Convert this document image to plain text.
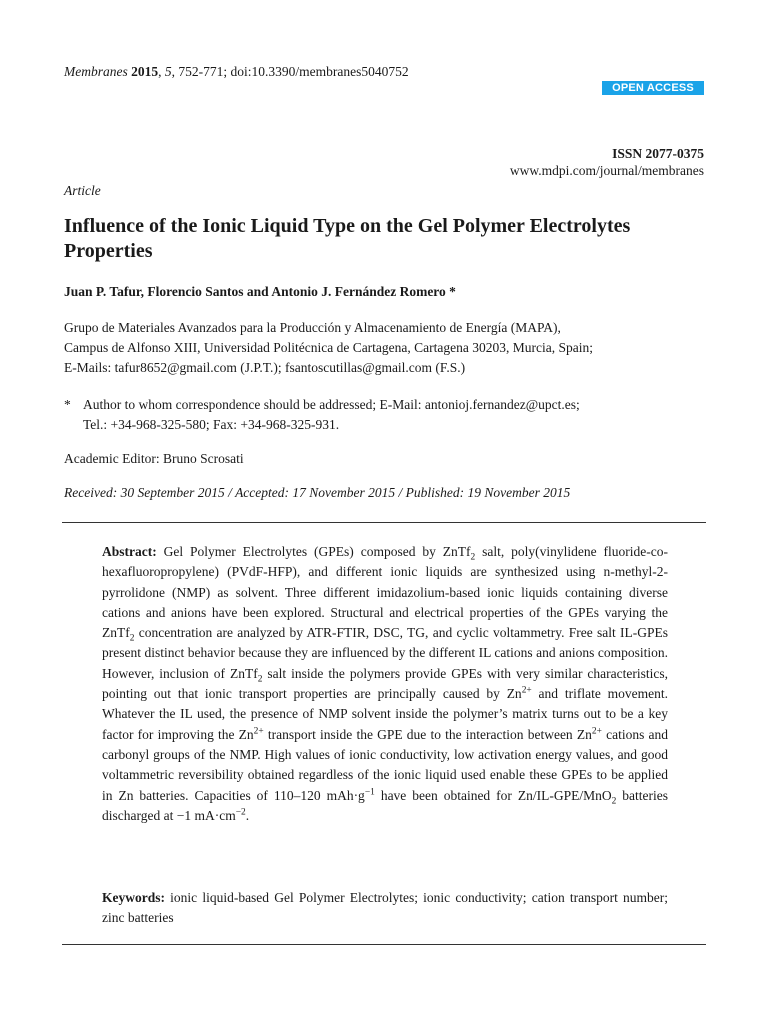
Membranes 2015, 5, 752-771; doi:10.3390/membranes5040752
OPEN ACCESS
ISSN 2077-0375
www.mdpi.com/journal/membranes
Article
Influence of the Ionic Liquid Type on the Gel Polymer Electrolytes Properties
Juan P. Tafur, Florencio Santos and Antonio J. Fernández Romero *
Grupo de Materiales Avanzados para la Producción y Almacenamiento de Energía (MAPA),
Campus de Alfonso XIII, Universidad Politécnica de Cartagena, Cartagena 30203, Murcia, Spain;
E-Mails: tafur8652@gmail.com (J.P.T.); fsantoscutillas@gmail.com (F.S.)
* Author to whom correspondence should be addressed; E-Mail: antonioj.fernandez@upct.es;
Tel.: +34-968-325-580; Fax: +34-968-325-931.
Academic Editor: Bruno Scrosati
Received: 30 September 2015 / Accepted: 17 November 2015 / Published: 19 November 2015
Abstract: Gel Polymer Electrolytes (GPEs) composed by ZnTf$_2$ salt, poly(vinylidene fluoride-co-hexafluoropropylene) (PVdF-HFP), and different ionic liquids are synthesized using n-methyl-2-pyrrolidone (NMP) as solvent. Three different imidazolium-based ionic liquids containing diverse cations and anions have been explored. Structural and electrical properties of the GPEs varying the ZnTf$_2$ concentration are analyzed by ATR-FTIR, DSC, TG, and cyclic voltammetry. Free salt IL-GPEs present distinct behavior because they are influenced by the different IL cations and anions composition. However, inclusion of ZnTf$_2$ salt inside the polymers provide GPEs with very similar characteristics, pointing out that ionic transport properties are principally caused by $Zn^{2+}$ and triflate movement. Whatever the IL used, the presence of NMP solvent inside the polymer’s matrix turns out to be a key factor for improving the $Zn^{2+}$ transport inside the GPE due to the interaction between $Zn^{2+}$ cations and carbonyl groups of the NMP. High values of ionic conductivity, low activation energy values, and good voltammetric reversibility obtained regardless of the ionic liquid used enable these GPEs to be applied in Zn batteries. Capacities of 110–120 $mAh\cdot g^{-1}$ have been obtained for Zn/IL-GPE/MnO$_2$ batteries discharged at −1 $mA\cdot cm^{-2}$.
Keywords: ionic liquid-based Gel Polymer Electrolytes; ionic conductivity; cation transport number; zinc batteries
